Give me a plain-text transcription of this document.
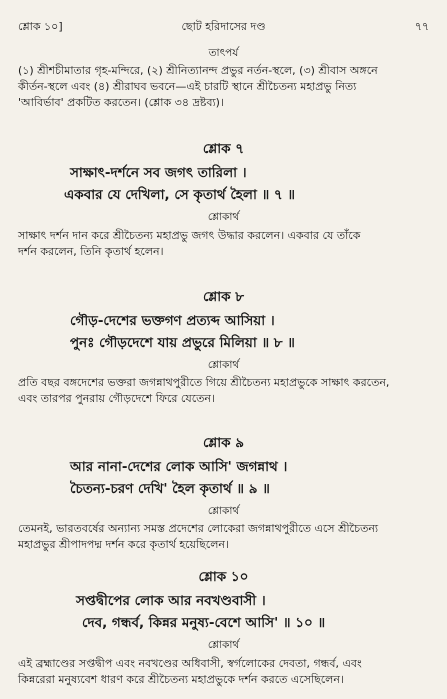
শ্লোক ১০]	ছোট হরিদাসের দণ্ড	৭৭
তাৎপর্য
(১) শ্রীশচীমাতার গৃহ-মন্দিরে, (২) শ্রীনিত্যানন্দ প্রভুর নর্তন-স্থলে, (৩) শ্রীবাস অঙ্গনে
কীর্তন-স্থলে এবং (৪) শ্রীরাঘব ভবনে—এই চারটি স্থানে শ্রীচৈতন্য মহাপ্রভু নিত্য
'আবির্ভাব' প্রকটিত করতেন। (শ্লোক ৩৪ দ্রষ্টব্য)।
শ্লোক ৭
সাক্ষাৎ-দর্শনে সব জগৎ তারিলা ।
একবার যে দেখিলা, সে কৃতার্থ হৈলা ॥ ৭ ॥
শ্লোকার্থ
সাক্ষাৎ দর্শন দান করে শ্রীচৈতন্য মহাপ্রভু জগৎ উদ্ধার করলেন। একবার যে তাঁকে
দর্শন করলেন, তিনি কৃতার্থ হলেন।
শ্লোক ৮
গৌড়-দেশের ভক্তগণ প্রত্যব্দ আসিয়া ।
পুনঃ গৌড়দেশে যায় প্রভুরে মিলিয়া ॥ ৮ ॥
শ্লোকার্থ
প্রতি বছর বঙ্গদেশের ভক্তরা জগন্নাথপুরীতে গিয়ে শ্রীচৈতন্য মহাপ্রভুকে সাক্ষাৎ করতেন,
এবং তারপর পুনরায় গৌড়দেশে ফিরে যেতেন।
শ্লোক ৯
আর নানা-দেশের লোক আসি' জগন্নাথ ।
চৈতন্য-চরণ দেখি' হৈল কৃতার্থ ॥ ৯ ॥
শ্লোকার্থ
তেমনই, ভারতবর্ষের অন্যান্য সমস্ত প্রদেশের লোকেরা জগন্নাথপুরীতে এসে শ্রীচৈতন্য
মহাপ্রভুর শ্রীপাদপদ্ম দর্শন করে কৃতার্থ হয়েছিলেন।
শ্লোক ১০
সপ্তদ্বীপের লোক আর নবখণ্ডবাসী ।
দেব, গন্ধর্ব, কিন্নর মনুষ্য-বেশে আসি' ॥ ১০ ॥
শ্লোকার্থ
এই ব্রহ্মাণ্ডের সপ্তদ্বীপ এবং নবখণ্ডের অধিবাসী, স্বর্গলোকের দেবতা, গন্ধর্ব, এবং
কিন্নরেরা মনুষ্যবেশ ধারণ করে শ্রীচৈতন্য মহাপ্রভুকে দর্শন করতে এসেছিলেন।
